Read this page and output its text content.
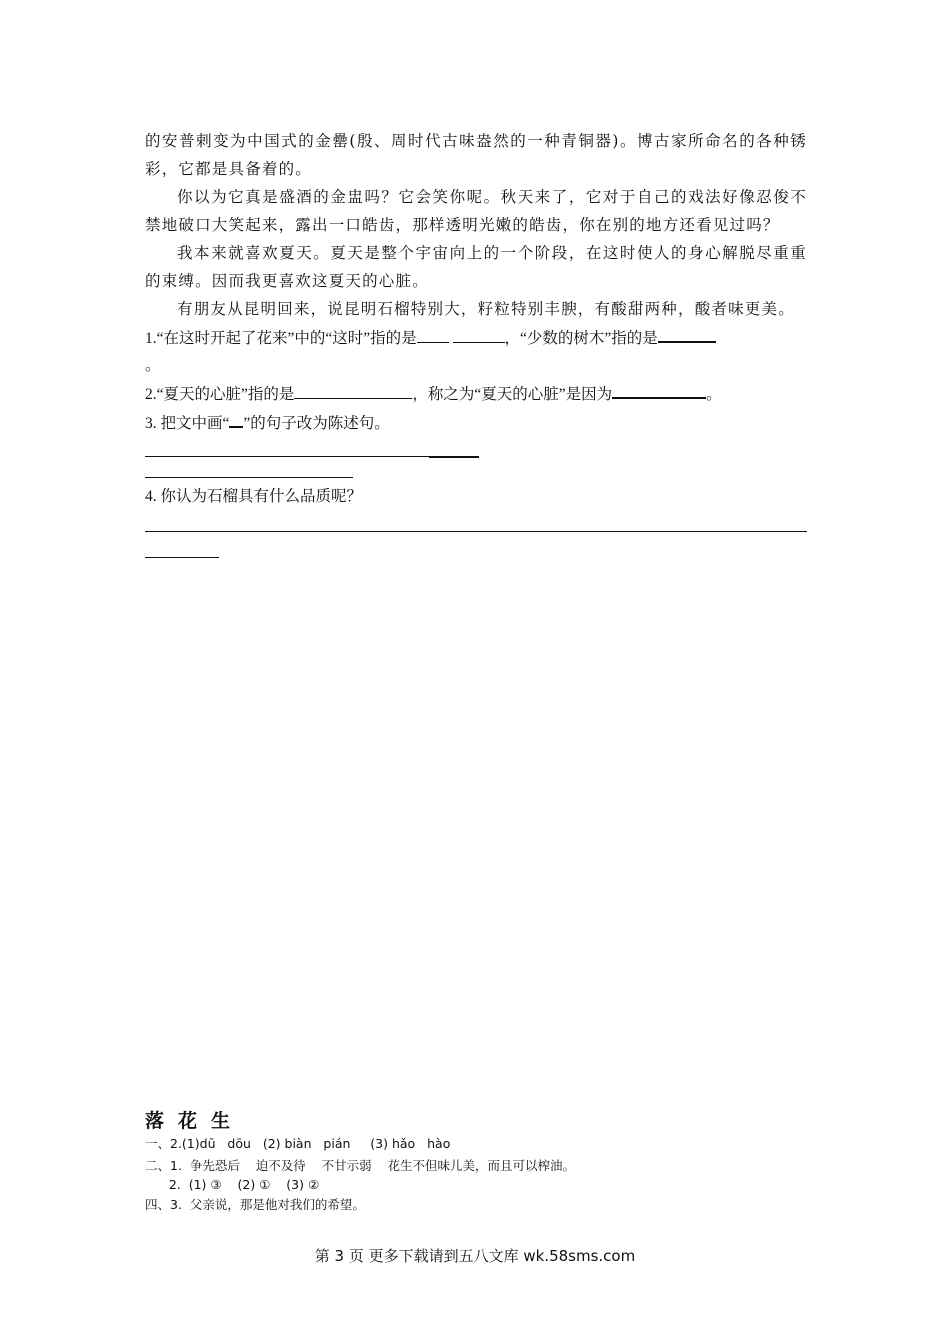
的安普剌变为中国式的金罍(殷、周时代古味盎然的一种青铜器)。博古家所命名的各种锈彩，它都是具备着的。
你以为它真是盛酒的金盅吗？它会笑你呢。秋天来了，它对于自己的戏法好像忍俊不禁地破口大笑起来，露出一口皓齿，那样透明光嫩的皓齿，你在别的地方还看见过吗？
我本来就喜欢夏天。夏天是整个宇宙向上的一个阶段，在这时使人的身心解脱尽重重的束缚。因而我更喜欢这夏天的心脏。
有朋友从昆明回来，说昆明石榴特别大，籽粒特别丰腴，有酸甜两种，酸者味更美。
1.“在这时开起了花来”中的“这时”指的是	，“少数的树木”指的是
。
2.“夏天的心脏”指的是	，称之为“夏天的心脏”是因为	。
3. 把文中画“ ”的句子改为陈述句。
4. 你认为石榴具有什么品质呢？
落花生
一、2.(1)dū   dōu   (2) biàn   pián     (3) hǎo   hào
二、1.  争先恐后    迫不及待    不甘示弱    花生不但味儿美，而且可以榨油。
2.  (1) ③    (2) ①    (3) ②
四、3.  父亲说，那是他对我们的希望。
第 3 页 更多下载请到五八文库 wk.58sms.com
